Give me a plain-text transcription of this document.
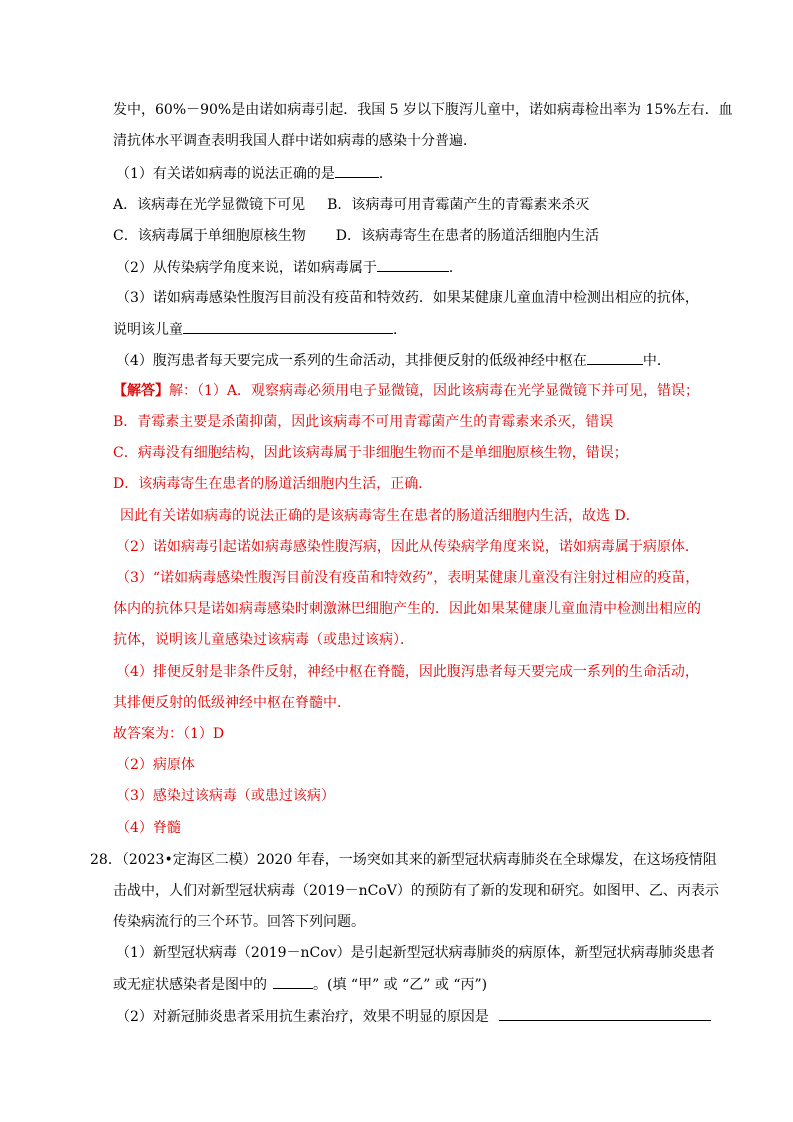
发中，60%－90%是由诺如病毒引起．我国 5 岁以下腹泻儿童中，诺如病毒检出率为 15%左右．血
清抗体水平调查表明我国人群中诺如病毒的感染十分普遍．
（1）有关诺如病毒的说法正确的是	．
A．该病毒在光学显微镜下可见 B．该病毒可用青霉菌产生的青霉素来杀灭
C．该病毒属于单细胞原核生物 D．该病毒寄生在患者的肠道活细胞内生活
（2）从传染病学角度来说，诺如病毒属于	．
（3）诺如病毒感染性腹泻目前没有疫苗和特效药．如果某健康儿童血清中检测出相应的抗体，
说明该儿童	．
（4）腹泻患者每天要完成一系列的生命活动，其排便反射的低级神经中枢在	中．
【解答】解：（1）A．观察病毒必须用电子显微镜，因此该病毒在光学显微镜下并可见，错误；
B．青霉素主要是杀菌抑菌，因此该病毒不可用青霉菌产生的青霉素来杀灭，错误
C．病毒没有细胞结构，因此该病毒属于非细胞生物而不是单细胞原核生物，错误；
D．该病毒寄生在患者的肠道活细胞内生活，正确．
因此有关诺如病毒的说法正确的是该病毒寄生在患者的肠道活细胞内生活，故选 D．
（2）诺如病毒引起诺如病毒感染性腹泻病，因此从传染病学角度来说，诺如病毒属于病原体．
（3）“诺如病毒感染性腹泻目前没有疫苗和特效药”，表明某健康儿童没有注射过相应的疫苗，
体内的抗体只是诺如病毒感染时刺激淋巴细胞产生的．因此如果某健康儿童血清中检测出相应的
抗体，说明该儿童感染过该病毒（或患过该病）．
（4）排便反射是非条件反射，神经中枢在脊髓，因此腹泻患者每天要完成一系列的生命活动，
其排便反射的低级神经中枢在脊髓中．
故答案为：（1）D
（2）病原体
（3）感染过该病毒（或患过该病）
（4）脊髓
28．（2023•定海区二模）2020 年春，一场突如其来的新型冠状病毒肺炎在全球爆发，在这场疫情阻
击战中，人们对新型冠状病毒（2019－nCoV）的预防有了新的发现和研究。如图甲、乙、丙表示
传染病流行的三个环节。回答下列问题。
（1）新型冠状病毒（2019－nCov）是引起新型冠状病毒肺炎的病原体，新型冠状病毒肺炎患者
或无症状感染者是图中的	。(填 “甲” 或 “乙” 或 “丙”)
（2）对新冠肺炎患者采用抗生素治疗，效果不明显的原因是
